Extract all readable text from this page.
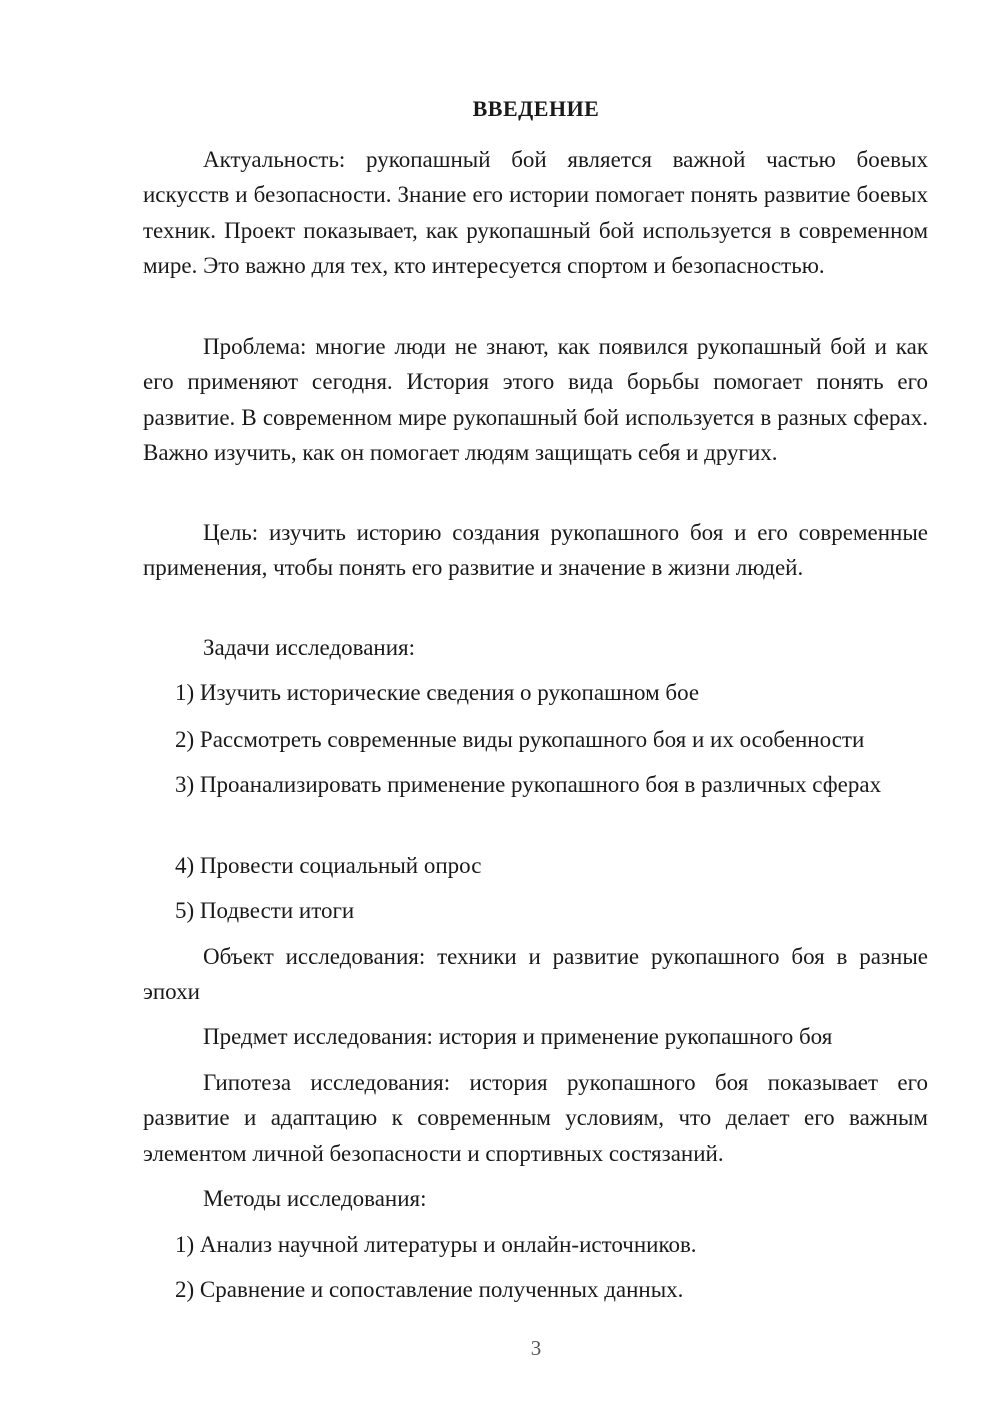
ВВЕДЕНИЕ

Актуальность: рукопашный бой является важной частью боевых искусств и безопасности. Знание его истории помогает понять развитие боевых техник. Проект показывает, как рукопашный бой используется в современном мире. Это важно для тех, кто интересуется спортом и безопасностью.

Проблема: многие люди не знают, как появился рукопашный бой и как его применяют сегодня. История этого вида борьбы помогает понять его развитие. В современном мире рукопашный бой используется в разных сферах. Важно изучить, как он помогает людям защищать себя и других.

Цель: изучить историю создания рукопашного боя и его современные применения, чтобы понять его развитие и значение в жизни людей.

Задачи исследования:

1) Изучить исторические сведения о рукопашном бое

2) Рассмотреть современные виды рукопашного боя и их особенности

3) Проанализировать применение рукопашного боя в различных сферах

4) Провести социальный опрос

5) Подвести итоги

Объект исследования: техники и развитие рукопашного боя в разные эпохи

Предмет исследования: история и применение рукопашного боя

Гипотеза исследования: история рукопашного боя показывает его развитие и адаптацию к современным условиям, что делает его важным элементом личной безопасности и спортивных состязаний.

Методы исследования:

1) Анализ научной литературы и онлайн-источников.

2) Сравнение и сопоставление полученных данных.

3
